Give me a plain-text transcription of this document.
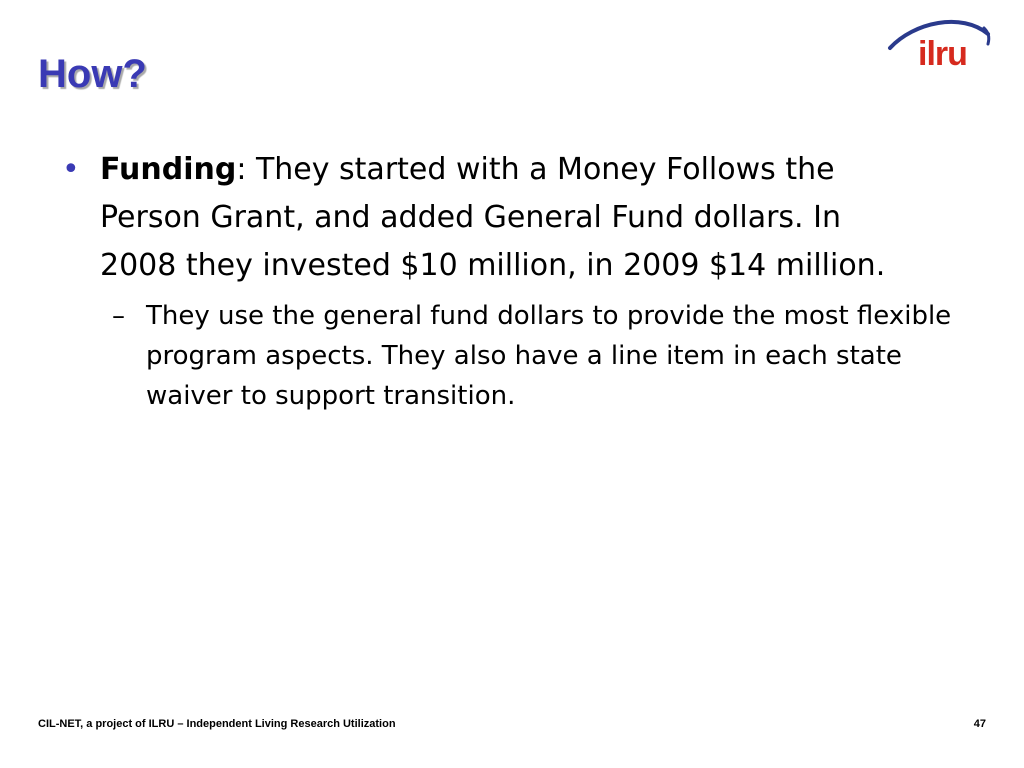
How?	ilru
• Funding: They started with a Money Follows the Person Grant, and added General Fund dollars. In 2008 they invested $10 million, in 2009 $14 million.
– They use the general fund dollars to provide the most flexible program aspects. They also have a line item in each state waiver to support transition.
CIL-NET, a project of ILRU – Independent Living Research Utilization	47
